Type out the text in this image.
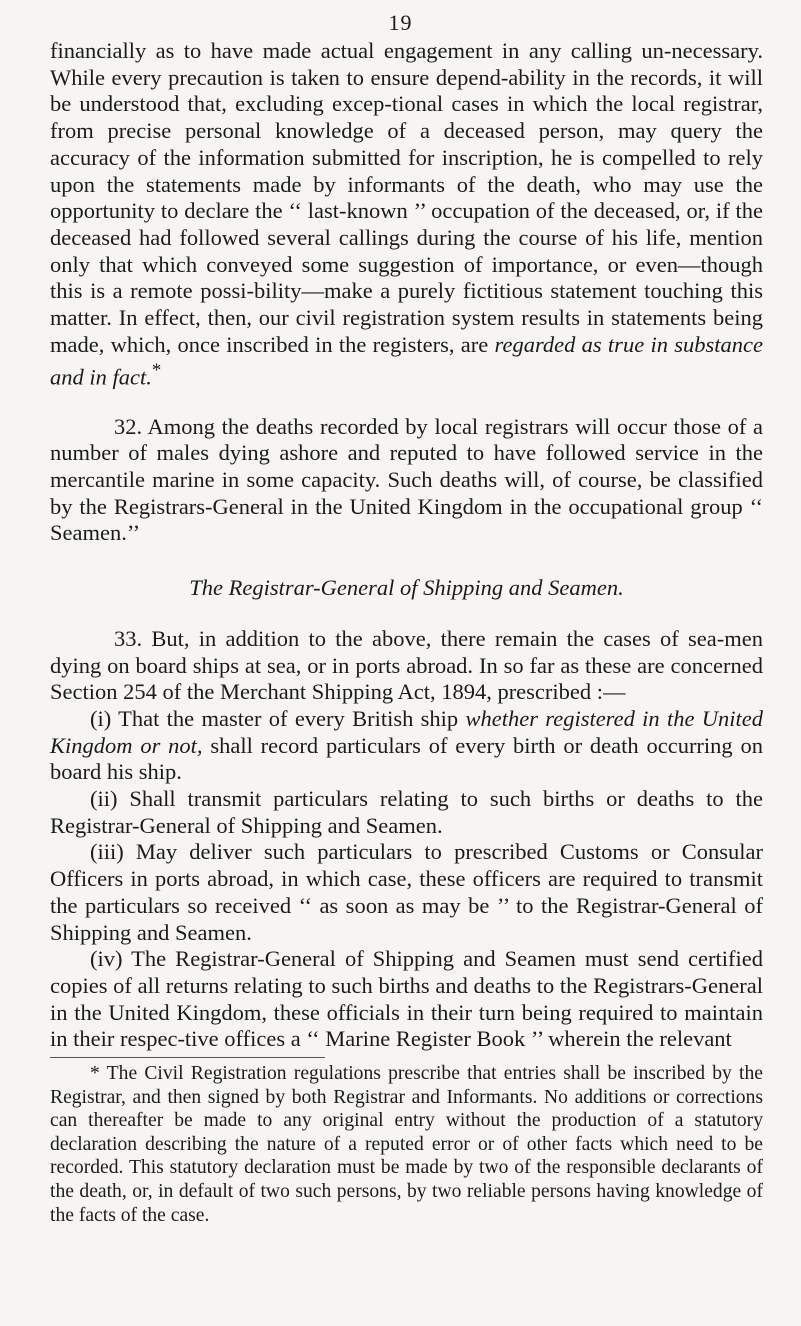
19

financially as to have made actual engagement in any calling un-necessary. While every precaution is taken to ensure depend-ability in the records, it will be understood that, excluding excep-tional cases in which the local registrar, from precise personal knowledge of a deceased person, may query the accuracy of the information submitted for inscription, he is compelled to rely upon the statements made by informants of the death, who may use the opportunity to declare the ‘‘ last-known ’’ occupation of the deceased, or, if the deceased had followed several callings during the course of his life, mention only that which conveyed some suggestion of importance, or even—though this is a remote possi-bility—make a purely fictitious statement touching this matter. In effect, then, our civil registration system results in statements being made, which, once inscribed in the registers, are regarded as true in substance and in fact.*

32. Among the deaths recorded by local registrars will occur those of a number of males dying ashore and reputed to have followed service in the mercantile marine in some capacity. Such deaths will, of course, be classified by the Registrars-General in the United Kingdom in the occupational group ‘‘ Seamen.’’

The Registrar-General of Shipping and Seamen.

33. But, in addition to the above, there remain the cases of sea-men dying on board ships at sea, or in ports abroad. In so far as these are concerned Section 254 of the Merchant Shipping Act, 1894, prescribed :—

(i) That the master of every British ship whether registered in the United Kingdom or not, shall record particulars of every birth or death occurring on board his ship.

(ii) Shall transmit particulars relating to such births or deaths to the Registrar-General of Shipping and Seamen.

(iii) May deliver such particulars to prescribed Customs or Consular Officers in ports abroad, in which case, these officers are required to transmit the particulars so received ‘‘ as soon as may be ’’ to the Registrar-General of Shipping and Seamen.

(iv) The Registrar-General of Shipping and Seamen must send certified copies of all returns relating to such births and deaths to the Registrars-General in the United Kingdom, these officials in their turn being required to maintain in their respec-tive offices a ‘‘ Marine Register Book ’’ wherein the relevant

* The Civil Registration regulations prescribe that entries shall be inscribed by the Registrar, and then signed by both Registrar and Informants. No additions or corrections can thereafter be made to any original entry without the production of a statutory declaration describing the nature of a reputed error or of other facts which need to be recorded. This statutory declaration must be made by two of the responsible declarants of the death, or, in default of two such persons, by two reliable persons having knowledge of the facts of the case.
